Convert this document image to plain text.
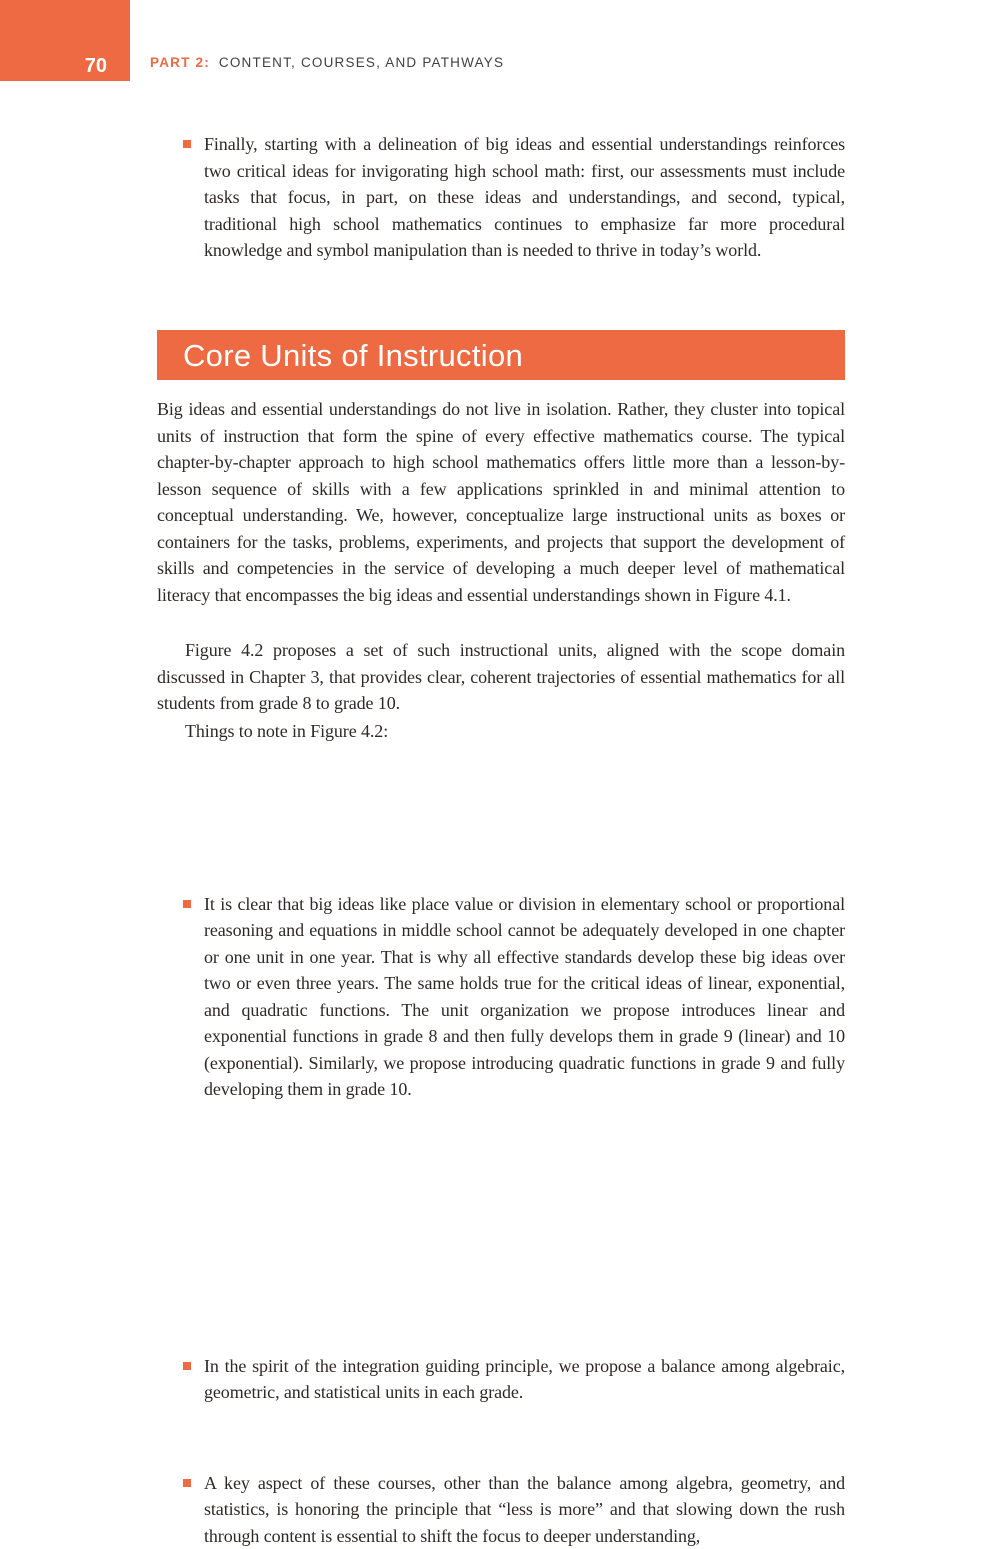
70	PART 2: CONTENT, COURSES, AND PATHWAYS

Finally, starting with a delineation of big ideas and essential understandings reinforces two critical ideas for invigorating high school math: first, our assessments must include tasks that focus, in part, on these ideas and understandings, and second, typical, traditional high school mathematics continues to emphasize far more procedural knowledge and symbol manipulation than is needed to thrive in today’s world.

Core Units of Instruction

Big ideas and essential understandings do not live in isolation. Rather, they cluster into topical units of instruction that form the spine of every effective mathematics course. The typical chapter-by-chapter approach to high school mathematics offers little more than a lesson-by-lesson sequence of skills with a few applications sprinkled in and minimal attention to conceptual understanding. We, however, conceptualize large instructional units as boxes or containers for the tasks, problems, experiments, and projects that support the development of skills and competencies in the service of developing a much deeper level of mathematical literacy that encompasses the big ideas and essential understandings shown in Figure 4.1.

Figure 4.2 proposes a set of such instructional units, aligned with the scope domain discussed in Chapter 3, that provides clear, coherent trajectories of essential mathematics for all students from grade 8 to grade 10.

Things to note in Figure 4.2:

It is clear that big ideas like place value or division in elementary school or proportional reasoning and equations in middle school cannot be adequately developed in one chapter or one unit in one year. That is why all effective standards develop these big ideas over two or even three years. The same holds true for the critical ideas of linear, exponential, and quadratic functions. The unit organization we propose introduces linear and exponential functions in grade 8 and then fully develops them in grade 9 (linear) and 10 (exponential). Similarly, we propose introducing quadratic functions in grade 9 and fully developing them in grade 10.

In the spirit of the integration guiding principle, we propose a balance among algebraic, geometric, and statistical units in each grade.

A key aspect of these courses, other than the balance among algebra, geometry, and statistics, is honoring the principle that “less is more” and that slowing down the rush through content is essential to shift the focus to deeper understanding,
